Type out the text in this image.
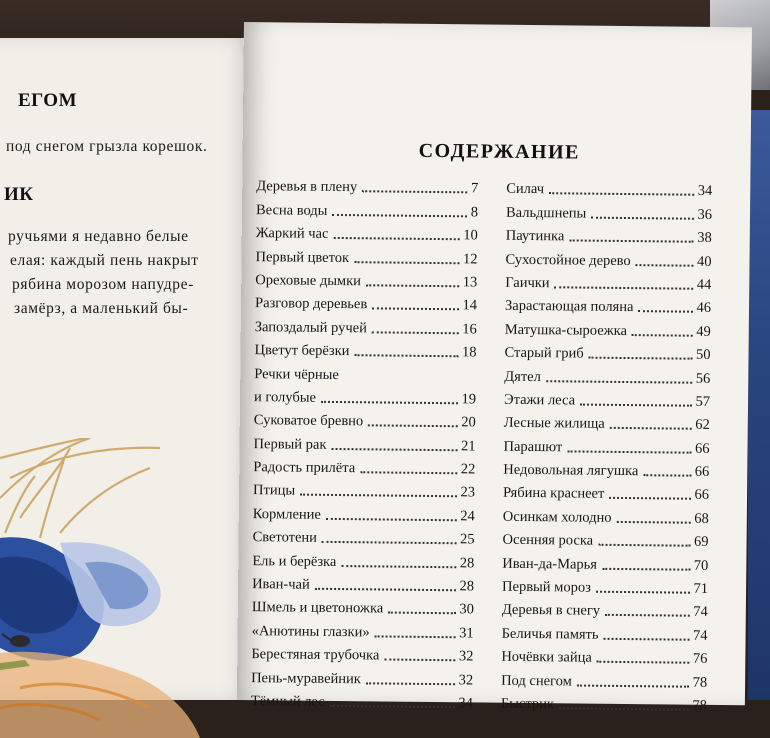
ЕГОМ
под снегом грызла корешок.
ИК
ручьями я недавно белые
елая: каждый пень накрыт
рябина морозом напудре-
замёрз, а маленький бы-
СОДЕРЖАНИЕ
Деревья в плену	7
Весна воды	8
Жаркий час	10
Первый цветок	12
Ореховые дымки	13
Разговор деревьев	14
Запоздалый ручей	16
Цветут берёзки	18
Речки чёрные
и голубые	19
Суковатое бревно	20
Первый рак	21
Радость прилёта	22
Птицы	23
Кормление	24
Светотени	25
Ель и берёзка	28
Иван-чай	28
Шмель и цветоножка	30
«Анютины глазки»	31
Берестяная трубочка	32
Пень-муравейник	32
Тёмный лес	34
Силач	34
Вальдшнепы	36
Паутинка	38
Сухостойное дерево	40
Гаички	44
Зарастающая поляна	46
Матушка-сыроежка	49
Старый гриб	50
Дятел	56
Этажи леса	57
Лесные жилища	62
Парашют	66
Недовольная лягушка	66
Рябина краснеет	66
Осинкам холодно	68
Осенняя роска	69
Иван-да-Марья	70
Первый мороз	71
Деревья в снегу	74
Беличья память	74
Ночёвки зайца	76
Под снегом	78
Быстрик	78
